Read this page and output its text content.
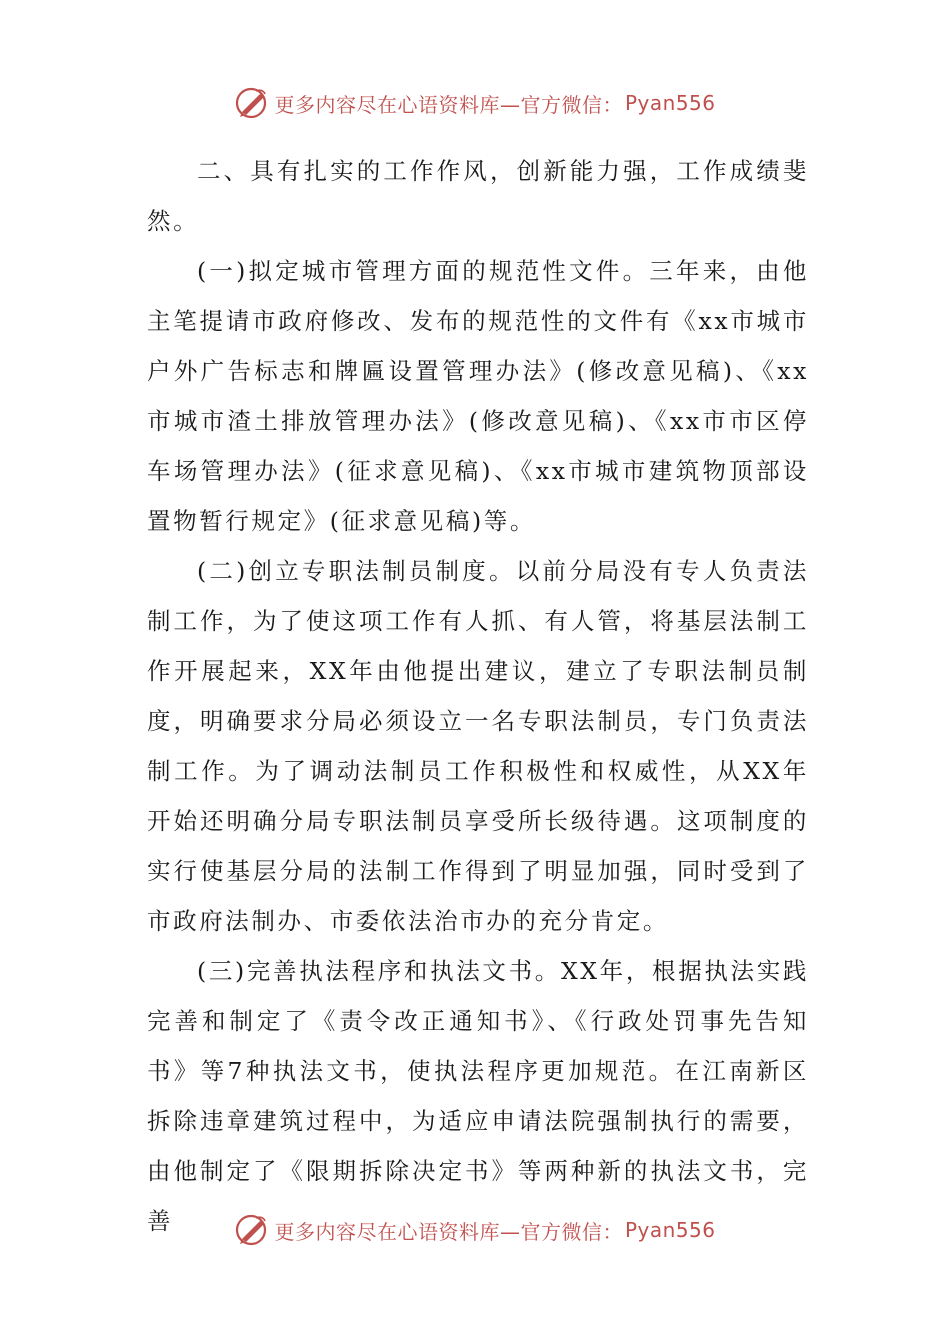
更多内容尽在心语资料库—官方微信： Pyan556

二、具有扎实的工作作风，创新能力强，工作成绩斐然。

(一)拟定城市管理方面的规范性文件。三年来，由他主笔提请市政府修改、发布的规范性的文件有《xx市城市户外广告标志和牌匾设置管理办法》(修改意见稿)、《xx市城市渣土排放管理办法》(修改意见稿)、《xx市市区停车场管理办法》(征求意见稿)、《xx市城市建筑物顶部设置物暂行规定》(征求意见稿)等。

(二)创立专职法制员制度。以前分局没有专人负责法制工作，为了使这项工作有人抓、有人管，将基层法制工作开展起来，XX年由他提出建议，建立了专职法制员制度，明确要求分局必须设立一名专职法制员，专门负责法制工作。为了调动法制员工作积极性和权威性，从XX年开始还明确分局专职法制员享受所长级待遇。这项制度的实行使基层分局的法制工作得到了明显加强，同时受到了市政府法制办、市委依法治市办的充分肯定。

(三)完善执法程序和执法文书。XX年，根据执法实践完善和制定了《责令改正通知书》、《行政处罚事先告知书》等7种执法文书，使执法程序更加规范。在江南新区拆除违章建筑过程中，为适应申请法院强制执行的需要，由他制定了《限期拆除决定书》等两种新的执法文书，完善	更多内容尽在心语资料库—官方微信： Pyan556
